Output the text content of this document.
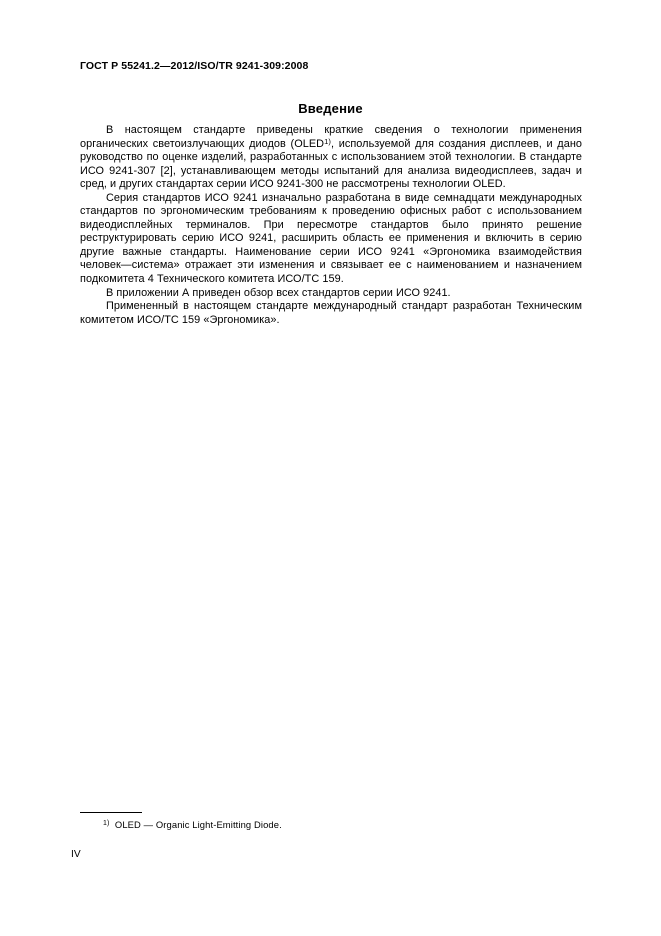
ГОСТ Р 55241.2—2012/ISO/TR 9241-309:2008
Введение

В настоящем стандарте приведены краткие сведения о технологии применения органических светоизлучающих диодов (OLED$^{1)}$, используемой для создания дисплеев, и дано руководство по оценке изделий, разработанных с использованием этой технологии. В стандарте ИСО 9241-307 [2], устанавливающем методы испытаний для анализа видеодисплеев, задач и сред, и других стандартах серии ИСО 9241-300 не рассмотрены технологии OLED.

Серия стандартов ИСО 9241 изначально разработана в виде семнадцати международных стандартов по эргономическим требованиям к проведению офисных работ с использованием видеодисплейных терминалов. При пересмотре стандартов было принято решение реструктурировать серию ИСО 9241, расширить область ее применения и включить в серию другие важные стандарты. Наименование серии ИСО 9241 «Эргономика взаимодействия человек—система» отражает эти изменения и связывает ее с наименованием и назначением подкомитета 4 Технического комитета ИСО/ТС 159.

В приложении А приведен обзор всех стандартов серии ИСО 9241.

Примененный в настоящем стандарте международный стандарт разработан Техническим комитетом ИСО/ТС 159 «Эргономика».

$^{1)}$ OLED — Organic Light-Emitting Diode.

IV
